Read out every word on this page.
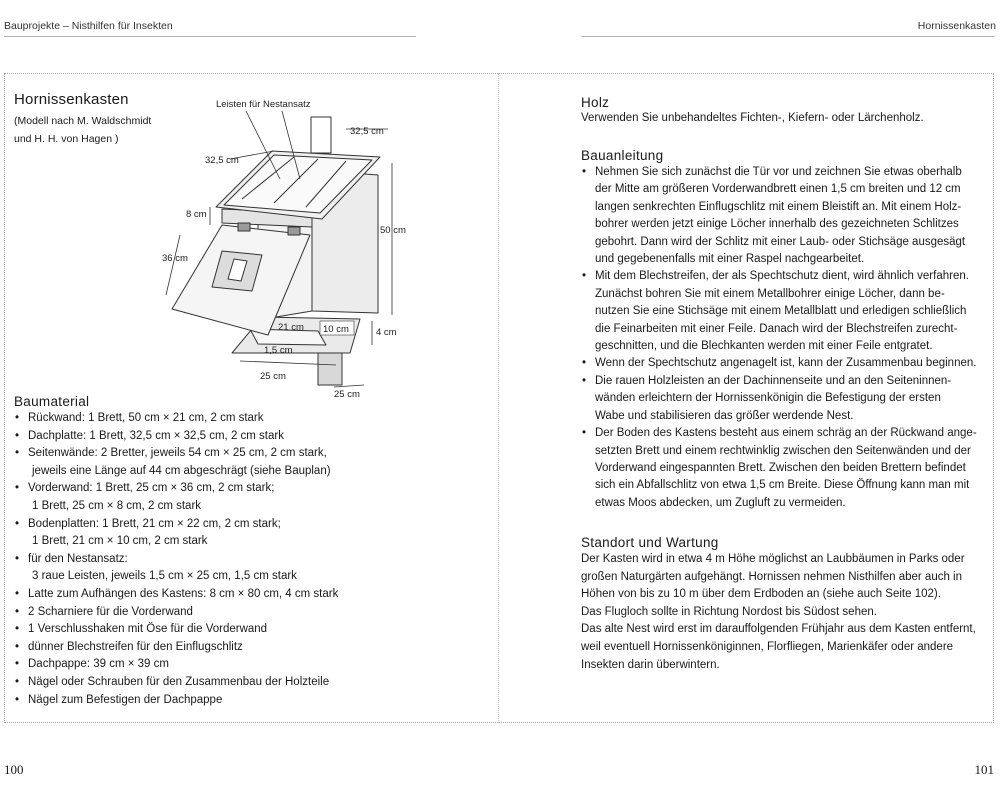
Bauprojekte – Nisthilfen für Insekten	Hornissenkasten
Hornissenkasten
(Modell nach M. Waldschmidt
und H. H. von Hagen )
Leisten für Nestansatz
32,5 cm
32,5 cm
8 cm
50 cm
36 cm
21 cm 10 cm	4 cm
1,5 cm
25 cm
25 cm
Baumaterial
• Rückwand: 1 Brett, 50 cm × 21 cm, 2 cm stark
• Dachplatte: 1 Brett, 32,5 cm × 32,5 cm, 2 cm stark
• Seitenwände: 2 Bretter, jeweils 54 cm × 25 cm, 2 cm stark,
jeweils eine Länge auf 44 cm abgeschrägt (siehe Bauplan)
• Vorderwand: 1 Brett, 25 cm × 36 cm, 2 cm stark;
1 Brett, 25 cm × 8 cm, 2 cm stark
• Bodenplatten: 1 Brett, 21 cm × 22 cm, 2 cm stark;
1 Brett, 21 cm × 10 cm, 2 cm stark
• für den Nestansatz:
3 raue Leisten, jeweils 1,5 cm × 25 cm, 1,5 cm stark
• Latte zum Aufhängen des Kastens: 8 cm × 80 cm, 4 cm stark
• 2 Scharniere für die Vorderwand
• 1 Verschlusshaken mit Öse für die Vorderwand
• dünner Blechstreifen für den Einflugschlitz
• Dachpappe: 39 cm × 39 cm
• Nägel oder Schrauben für den Zusammenbau der Holzteile
• Nägel zum Befestigen der Dachpappe
100
Holz
Verwenden Sie unbehandeltes Fichten-, Kiefern- oder Lärchenholz.
Bauanleitung
• Nehmen Sie sich zunächst die Tür vor und zeichnen Sie etwas oberhalb
der Mitte am größeren Vorderwandbrett einen 1,5 cm breiten und 12 cm
langen senkrechten Einflugschlitz mit einem Bleistift an. Mit einem Holz-
bohrer werden jetzt einige Löcher innerhalb des gezeichneten Schlitzes
gebohrt. Dann wird der Schlitz mit einer Laub- oder Stichsäge ausgesägt
und gegebenenfalls mit einer Raspel nachgearbeitet.
• Mit dem Blechstreifen, der als Spechtschutz dient, wird ähnlich verfahren.
Zunächst bohren Sie mit einem Metallbohrer einige Löcher, dann be-
nutzen Sie eine Stichsäge mit einem Metallblatt und erledigen schließlich
die Feinarbeiten mit einer Feile. Danach wird der Blechstreifen zurecht-
geschnitten, und die Blechkanten werden mit einer Feile entgratet.
• Wenn der Spechtschutz angenagelt ist, kann der Zusammenbau beginnen.
• Die rauen Holzleisten an der Dachinnenseite und an den Seiteninnen-
wänden erleichtern der Hornissenkönigin die Befestigung der ersten
Wabe und stabilisieren das größer werdende Nest.
• Der Boden des Kastens besteht aus einem schräg an der Rückwand ange-
setzten Brett und einem rechtwinklig zwischen den Seitenwänden und der
Vorderwand eingespannten Brett. Zwischen den beiden Brettern befindet
sich ein Abfallschlitz von etwa 1,5 cm Breite. Diese Öffnung kann man mit
etwas Moos abdecken, um Zugluft zu vermeiden.
Standort und Wartung
Der Kasten wird in etwa 4 m Höhe möglichst an Laubbäumen in Parks oder
großen Naturgärten aufgehängt. Hornissen nehmen Nisthilfen aber auch in
Höhen von bis zu 10 m über dem Erdboden an (siehe auch Seite 102).
Das Flugloch sollte in Richtung Nordost bis Südost sehen.
Das alte Nest wird erst im darauffolgenden Frühjahr aus dem Kasten entfernt,
weil eventuell Hornissenköniginnen, Florfliegen, Marienkäfer oder andere
Insekten darin überwintern.
101
